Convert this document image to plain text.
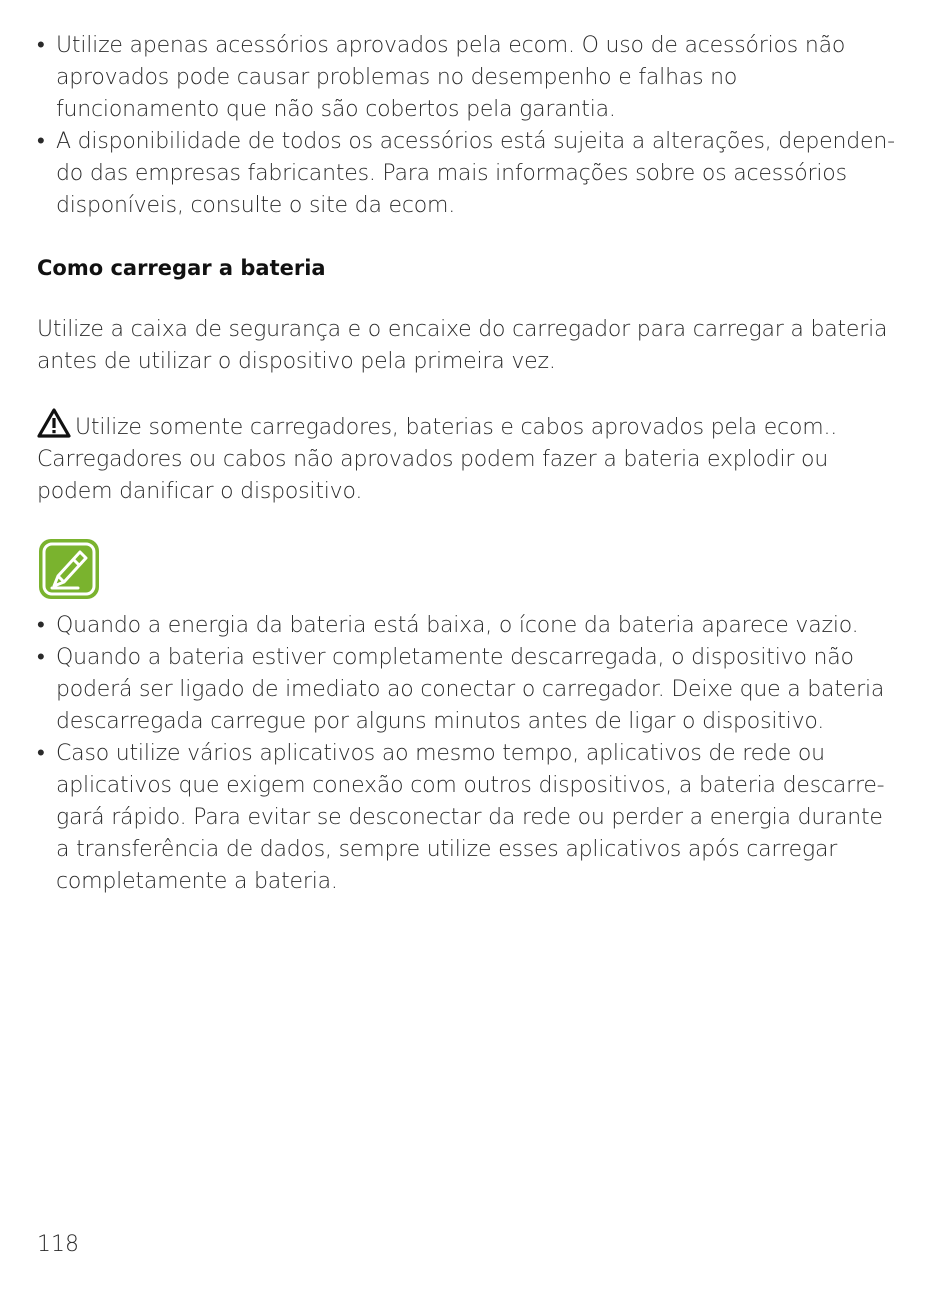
• Utilize apenas acessórios aprovados pela ecom. O uso de acessórios não aprovados pode causar problemas no desempenho e falhas no funcionamento que não são cobertos pela garantia.
• A disponibilidade de todos os acessórios está sujeita a alterações, dependen-do das empresas fabricantes. Para mais informações sobre os acessórios disponíveis, consulte o site da ecom.
Como carregar a bateria
Utilize a caixa de segurança e o encaixe do carregador para carregar a bateria antes de utilizar o dispositivo pela primeira vez.
Utilize somente carregadores, baterias e cabos aprovados pela ecom.. Carregadores ou cabos não aprovados podem fazer a bateria explodir ou podem danificar o dispositivo.
• Quando a energia da bateria está baixa, o ícone da bateria aparece vazio.
• Quando a bateria estiver completamente descarregada, o dispositivo não poderá ser ligado de imediato ao conectar o carregador. Deixe que a bateria descarregada carregue por alguns minutos antes de ligar o dispositivo.
• Caso utilize vários aplicativos ao mesmo tempo, aplicativos de rede ou aplicativos que exigem conexão com outros dispositivos, a bateria descarre-gará rápido. Para evitar se desconectar da rede ou perder a energia durante a transferência de dados, sempre utilize esses aplicativos após carregar completamente a bateria.
118
